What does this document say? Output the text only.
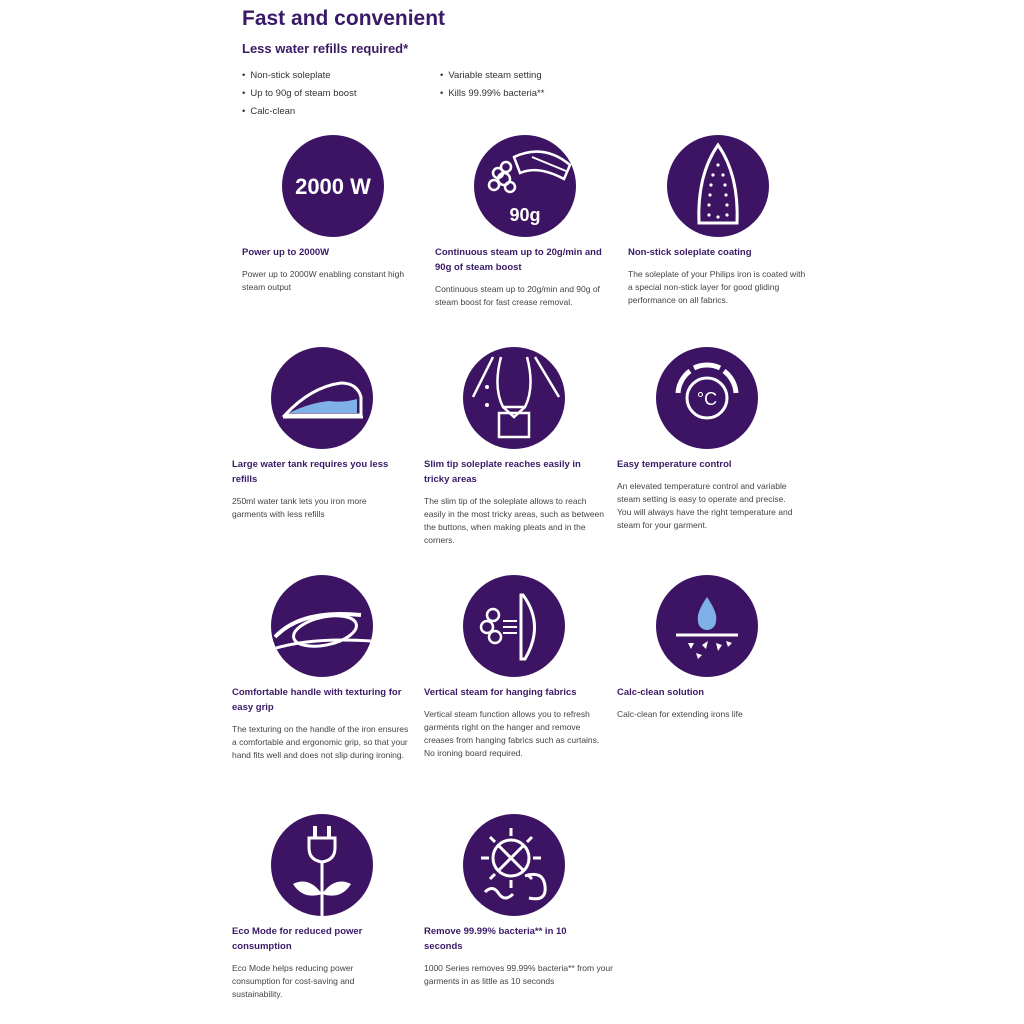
Fast and convenient
Less water refills required*
• Non-stick soleplate
• Up to 90g of steam boost
• Calc-clean
• Variable steam setting
• Kills 99.99% bacteria**
2000 W
Power up to 2000W
Power up to 2000W enabling constant high steam output
90g
Continuous steam up to 20g/min and 90g of steam boost
Continuous steam up to 20g/min and 90g of steam boost for fast crease removal.
Non-stick soleplate coating
The soleplate of your Philips iron is coated with a special non-stick layer for good gliding performance on all fabrics.
Large water tank requires you less refills
250ml water tank lets you iron more garments with less refills
Slim tip soleplate reaches easily in tricky areas
The slim tip of the soleplate allows to reach easily in the most tricky areas, such as between the buttons, when making pleats and in the corners.
°C
Easy temperature control
An elevated temperature control and variable steam setting is easy to operate and precise. You will always have the right temperature and steam for your garment.
Comfortable handle with texturing for easy grip
The texturing on the handle of the iron ensures a comfortable and ergonomic grip, so that your hand fits well and does not slip during ironing.
Vertical steam for hanging fabrics
Vertical steam function allows you to refresh garments right on the hanger and remove creases from hanging fabrics such as curtains. No ironing board required.
Calc-clean solution
Calc-clean for extending irons life
Eco Mode for reduced power consumption
Eco Mode helps reducing power consumption for cost-saving and sustainability.
Remove 99.99% bacteria** in 10 seconds
1000 Series removes 99.99% bacteria** from your garments in as little as 10 seconds
